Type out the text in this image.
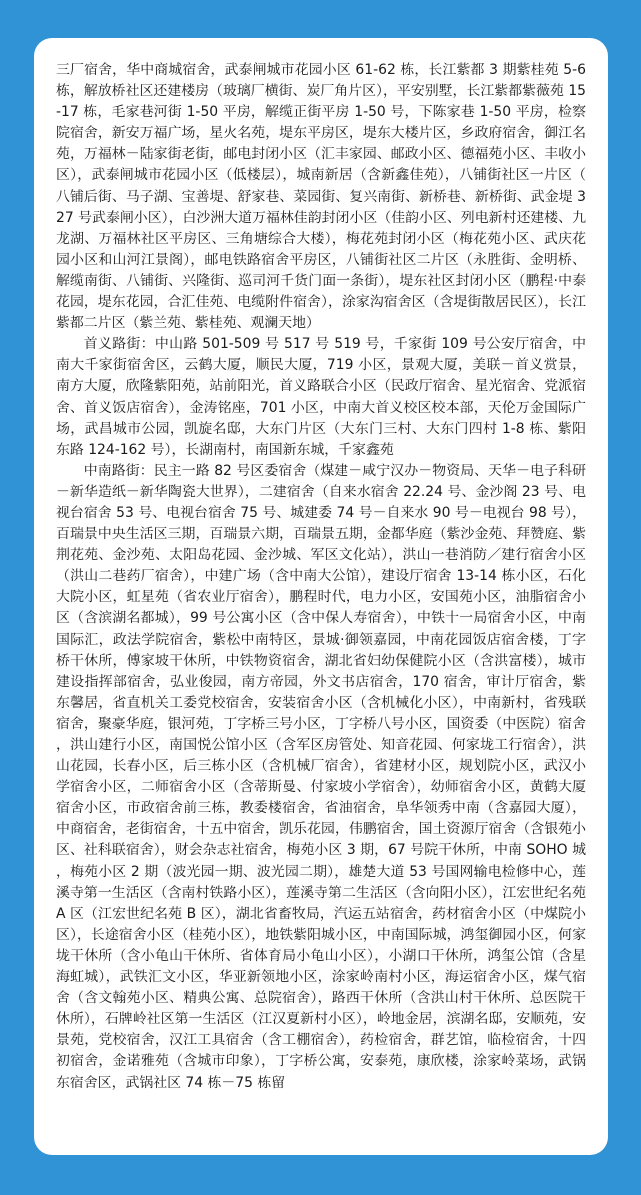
三厂宿舍，华中商城宿舍，武泰闸城市花园小区 61-62 栋，长江紫都 3 期紫桂苑 5-6 栋，解放桥社区还建楼房（玻璃厂横街、炭厂角片区），平安别墅，长江紫都紫薇苑 15-17 栋，毛家巷河街 1-50 平房，解缆正街平房 1-50 号，下陈家巷 1-50 平房，检察院宿舍，新安万福广场，星火名苑，堤东平房区，堤东大楼片区，乡政府宿舍，御江名苑，万福林－陆家街老街，邮电封闭小区（汇丰家园、邮政小区、德福苑小区、丰收小区），武泰闸城市花园小区（低楼层），城南新居（含新鑫佳苑），八铺街社区一片区（八铺后街、马子湖、宝善堤、舒家巷、菜园街、复兴南街、新桥巷、新桥街、武金堤 327 号武泰闸小区），白沙洲大道万福林佳韵封闭小区（佳韵小区、列电新村还建楼、九龙湖、万福林社区平房区、三角塘综合大楼），梅花苑封闭小区（梅花苑小区、武庆花园小区和山河江景阁），邮电铁路宿舍平房区，八铺街社区二片区（永胜街、金明桥、解缆南街、八铺街、兴隆街、巡司河千货门面一条街），堤东社区封闭小区（鹏程·中泰花园，堤东花园，合汇佳苑、电缆附件宿舍），涂家沟宿舍区（含堤街散居民区），长江紫都二片区（紫兰苑、紫桂苑、观澜天地）

首义路街：中山路 501-509 号 517 号 519 号，千家街 109 号公安厅宿舍，中南大千家街宿舍区，云鹤大厦，顺民大厦，719 小区，景观大厦，美联－首义赏景，南方大厦，欣隆紫阳苑，站前阳光，首义路联合小区（民政厅宿舍、星光宿舍、党派宿舍、首义饭店宿舍），金涛铭座，701 小区，中南大首义校区校本部，天伦万金国际广场，武昌城市公园，凯旋名邸，大东门片区（大东门三村、大东门四村 1-8 栋、紫阳东路 124-162 号），长湖南村，南国新东城，千家鑫苑

中南路街：民主一路 82 号区委宿舍（煤建－咸宁汉办－物资局、天华－电子科研－新华造纸－新华陶瓷大世界），二建宿舍（自来水宿舍 22.24 号、金沙阁 23 号、电视台宿舍 53 号、电视台宿舍 75 号、城建委 74 号－自来水 90 号－电视台 98 号），百瑞景中央生活区三期，百瑞景六期，百瑞景五期，金都华庭（紫沙金苑、拜赞庭、紫荆花苑、金沙苑、太阳岛花园、金沙城、军区文化站），洪山一巷消防／建行宿舍小区（洪山二巷药厂宿舍），中建广场（含中南大公馆），建设厅宿舍 13-14 栋小区，石化大院小区，虹星苑（省农业厅宿舍），鹏程时代，电力小区，安国苑小区，油脂宿舍小区（含滨湖名都城），99 号公寓小区（含中保人寿宿舍），中铁十一局宿舍小区，中南国际汇，政法学院宿舍，紫松中南特区，景城·御领嘉园，中南花园饭店宿舍楼，丁字桥干休所，傅家坡干休所，中铁物资宿舍，湖北省妇幼保健院小区（含洪富楼），城市建设指挥部宿舍，弘业俊园，南方帝园，外文书店宿舍，170 宿舍，审计厅宿舍，紫东馨居，省直机关工委党校宿舍，安装宿舍小区（含机械化小区），中南新村，省残联宿舍，聚豪华庭，银河苑，丁字桥三号小区，丁字桥八号小区，国资委（中医院）宿舍，洪山建行小区，南国悦公馆小区（含军区房管处、知音花园、何家垅工行宿舍），洪山花园，长春小区，后三栋小区（含机械厂宿舍），省建材小区，规划院小区，武汉小学宿舍小区，二师宿舍小区（含蒂斯曼、付家坡小学宿舍），幼师宿舍小区，黄鹤大厦宿舍小区，市政宿舍前三栋，教委楼宿舍，省油宿舍，阜华领秀中南（含嘉园大厦），中商宿舍，老街宿舍，十五中宿舍，凯乐花园，伟鹏宿舍，国土资源厅宿舍（含银苑小区、社科联宿舍），财会杂志社宿舍，梅苑小区 3 期，67 号院干休所，中南 SOHO 城，梅苑小区 2 期（波光园一期、波光园二期），雄楚大道 53 号国网输电检修中心，莲溪寺第一生活区（含南村铁路小区），莲溪寺第二生活区（含向阳小区），江宏世纪名苑 A 区（江宏世纪名苑 B 区），湖北省畜牧局，汽运五站宿舍，药材宿舍小区（中煤院小区），长途宿舍小区（桂苑小区），地铁紫阳城小区，中南国际城，鸿玺御园小区，何家垅干休所（含小龟山干休所、省体育局小龟山小区），小湖口干休所，鸿玺公馆（含星海虹城），武铁汇文小区，华亚新领地小区，涂家岭南村小区，海运宿舍小区，煤气宿舍（含文翰苑小区、精典公寓、总院宿舍），路西干休所（含洪山村干休所、总医院干休所），石牌岭社区第一生活区（江汉夏新村小区），岭地金居，滨湖名邸，安顺苑，安景苑，党校宿舍，汉江工具宿舍（含工棚宿舍），药检宿舍，群艺馆，临检宿舍，十四初宿舍，金诺雅苑（含城市印象），丁字桥公寓，安泰苑，康欣楼，涂家岭菜场，武锅东宿舍区，武锅社区 74 栋－75 栋留
